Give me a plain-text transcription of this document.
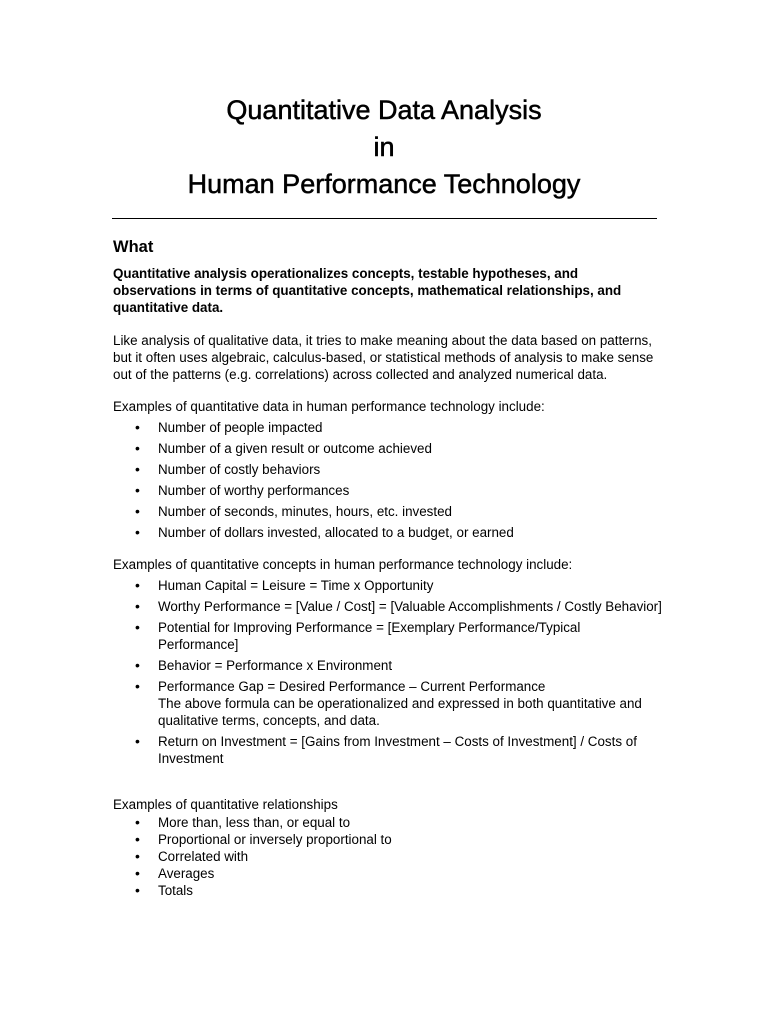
Quantitative Data Analysis
in
Human Performance Technology
What

Quantitative analysis operationalizes concepts, testable hypotheses, and observations in terms of quantitative concepts, mathematical relationships, and quantitative data.

Like analysis of qualitative data, it tries to make meaning about the data based on patterns, but it often uses algebraic, calculus-based, or statistical methods of analysis to make sense out of the patterns (e.g. correlations) across collected and analyzed numerical data.

Examples of quantitative data in human performance technology include:

• Number of people impacted
• Number of a given result or outcome achieved
• Number of costly behaviors
• Number of worthy performances
• Number of seconds, minutes, hours, etc. invested
• Number of dollars invested, allocated to a budget, or earned

Examples of quantitative concepts in human performance technology include:

• Human Capital = Leisure = Time x Opportunity
• Worthy Performance = [Value / Cost] = [Valuable Accomplishments / Costly Behavior]
• Potential for Improving Performance = [Exemplary Performance/Typical Performance]
• Behavior = Performance x Environment
• Performance Gap = Desired Performance – Current Performance
The above formula can be operationalized and expressed in both quantitative and qualitative terms, concepts, and data.
• Return on Investment = [Gains from Investment – Costs of Investment] / Costs of Investment

Examples of quantitative relationships

• More than, less than, or equal to
• Proportional or inversely proportional to
• Correlated with
• Averages
• Totals
